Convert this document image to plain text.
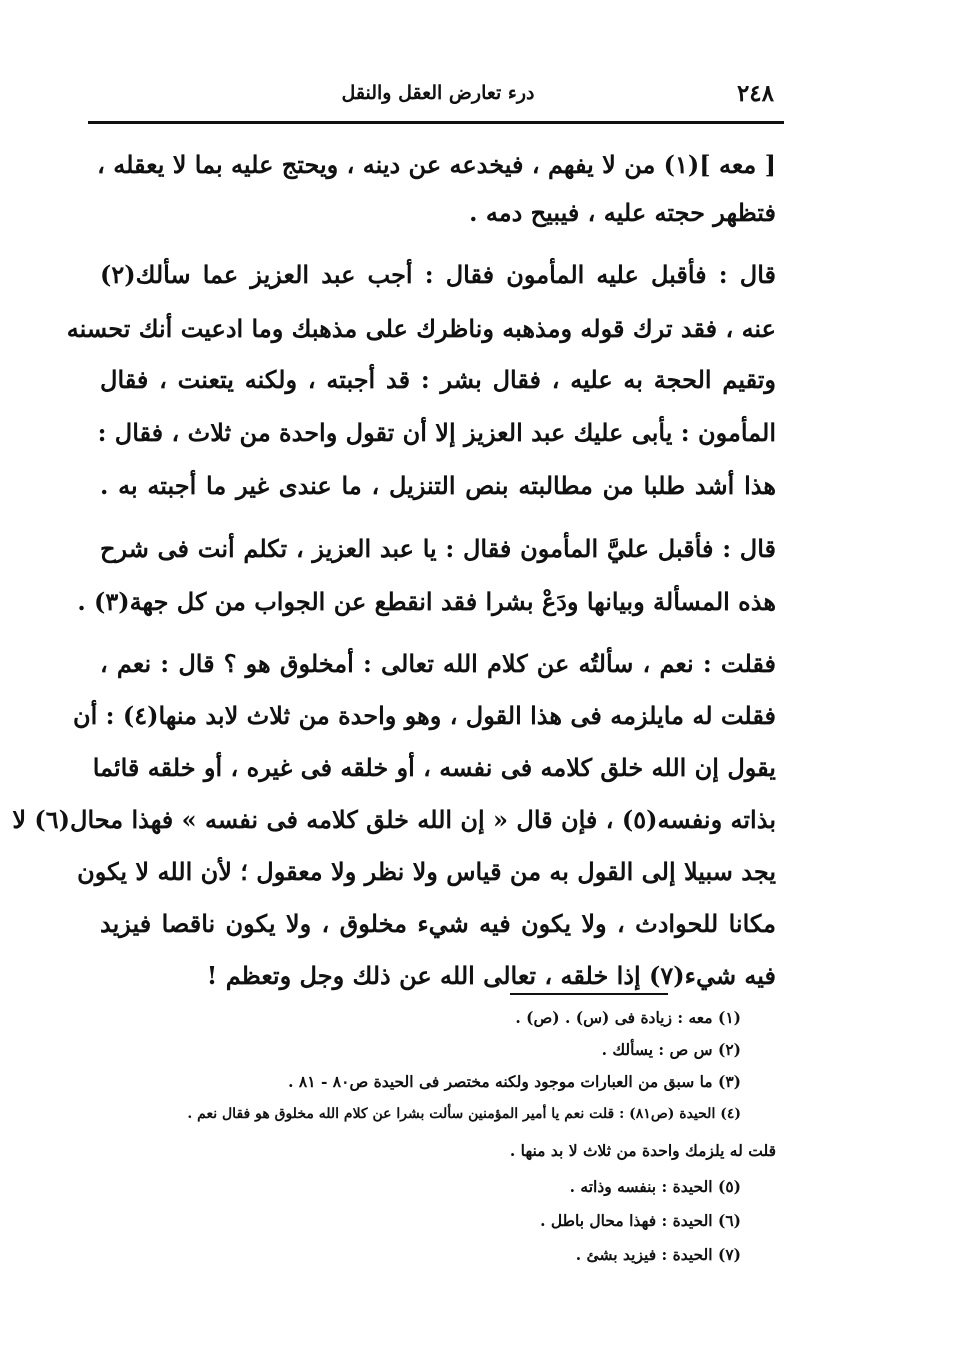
٢٤٨
درء تعارض العقل والنقل
[ معه ](١) من لا يفهم ، فيخدعه عن دينه ، ويحتج عليه بما لا يعقله ،
فتظهر حجته عليه ، فيبيح دمه .
قال : فأقبل عليه المأمون فقال : أجب عبد العزيز عما سألك(٢)
عنه ، فقد ترك قوله ومذهبه وناظرك على مذهبك وما ادعيت أنك تحسنه
وتقيم الحجة به عليه ، فقال بشر : قد أجبته ، ولكنه يتعنت ، فقال
المأمون : يأبى عليك عبد العزيز إلا أن تقول واحدة من ثلاث ، فقال :
هذا أشد طلبا من مطالبته بنص التنزيل ، ما عندى غير ما أجبته به .
قال : فأقبل عليَّ المأمون فقال : يا عبد العزيز ، تكلم أنت فى شرح
هذه المسألة وبيانها ودَعْ بشرا فقد انقطع عن الجواب من كل جهة(٣) .
فقلت : نعم ، سألتُه عن كلام الله تعالى : أمخلوق هو ؟ قال : نعم ،
فقلت له مايلزمه فى هذا القول ، وهو واحدة من ثلاث لابد منها(٤) : أن
يقول إن الله خلق كلامه فى نفسه ، أو خلقه فى غيره ، أو خلقه قائما
بذاته ونفسه(٥) ، فإن قال « إن الله خلق كلامه فى نفسه » فهذا محال(٦) لا
يجد سبيلا إلى القول به من قياس ولا نظر ولا معقول ؛ لأن الله لا يكون
مكانا للحوادث ، ولا يكون فيه شيء مخلوق ، ولا يكون ناقصا فيزيد
فيه شيء(٧) إذا خلقه ، تعالى الله عن ذلك وجل وتعظم !
(١) معه : زيادة فى (س) . (ص) .
(٢) س ص : يسألك .
(٣) ما سبق من العبارات موجود ولكنه مختصر فى الحيدة ص٨٠ - ٨١ .
(٤) الحيدة (ص٨١) : قلت نعم يا أمير المؤمنين سألت بشرا عن كلام الله مخلوق هو فقال نعم .
قلت له يلزمك واحدة من ثلاث لا بد منها .
(٥) الحيدة : بنفسه وذاته .
(٦) الحيدة : فهذا محال باطل .
(٧) الحيدة : فيزيد بشئ .
